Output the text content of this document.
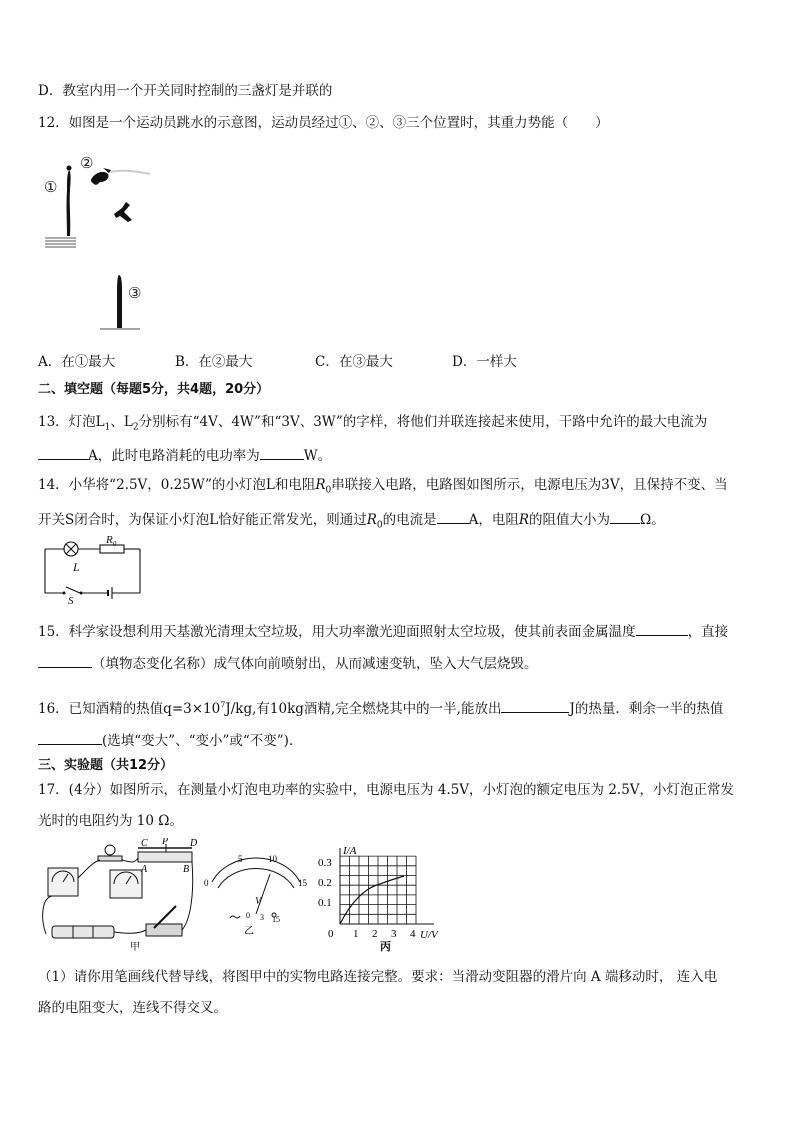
D．教室内用一个开关同时控制的三盏灯是并联的
12．如图是一个运动员跳水的示意图，运动员经过①、②、③三个位置时，其重力势能（　　）
①
②
③
A．在①最大	B．在②最大	C．在③最大	D．一样大
二、填空题（每题5分，共4题，20分）
13．灯泡$L_1$、$L_2$分别标有“4V、4W”和“3V、3W”的字样，将他们并联连接起来使用，干路中允许的最大电流为
A，此时电路消耗的电功率为	W。
14．小华将“2.5V，0.25W”的小灯泡L和电阻$R_0$串联接入电路，电路图如图所示，电源电压为3V，且保持不变、当
开关S闭合时，为保证小灯泡L恰好能正常发光，则通过$R_0$的电流是 A，电阻R的阻值大小为 Ω。
$R_0$
L
S
15．科学家设想利用天基激光清理太空垃圾，用大功率激光迎面照射太空垃圾，使其前表面金属温度	，直接
（填物态变化名称）成气体向前喷射出，从而减速变轨，坠入大气层烧毁。
16．已知酒精的热值$q=3\times 10^7J/kg$,有10kg酒精,完全燃烧其中的一半,能放出	J的热量．剩余一半的热值
(选填“变大”、“变小”或“不变”)．
三、实验题（共12分）
17．(4分）如图所示，在测量小灯泡电功率的实验中，电源电压为 4.5V，小灯泡的额定电压为 2.5V，小灯泡正常发
光时的电阻约为 10 Ω。
C P D
A	B
甲
5	10
0	15
V
0 3 15
乙
I/A
U/V
0.3
0.2
0.1
0 1 2 3 4
丙
（1）请你用笔画线代替导线，将图甲中的实物电路连接完整。要求：当滑动变阻器的滑片向 A 端移动时， 连入电
路的电阻变大，连线不得交叉。
